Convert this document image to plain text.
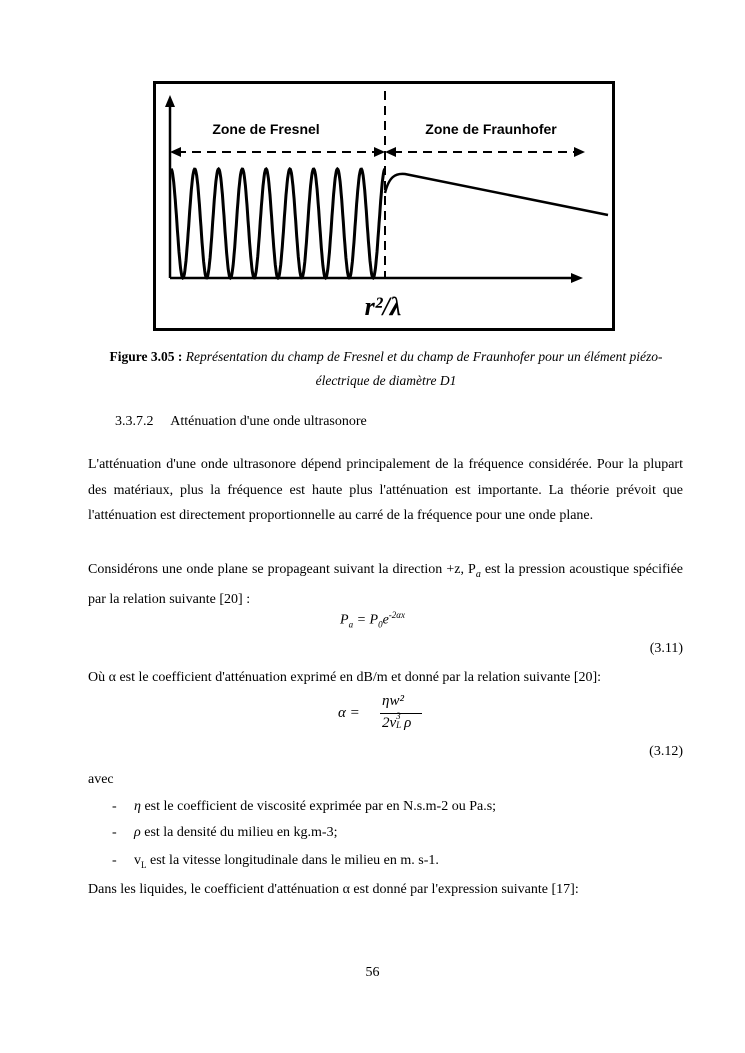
Zone de Fresnel	Zone de Fraunhofer
r²/λ
Figure 3.05 : Représentation du champ de Fresnel et du champ de Fraunhofer pour un élément piézo-électrique de diamètre D1
3.3.7.2 Atténuation d'une onde ultrasonore
L'atténuation d'une onde ultrasonore dépend principalement de la fréquence considérée. Pour la plupart des matériaux, plus la fréquence est haute plus l'atténuation est importante. La théorie prévoit que l'atténuation est directement proportionnelle au carré de la fréquence pour une onde plane.
Considérons une onde plane se propageant suivant la direction +z, $P_a$ est la pression acoustique spécifiée par la relation suivante [20] :
$P_a = P_0e^{-2\alpha x}$
(3.11)
Où α est le coefficient d'atténuation exprimé en dB/m et donné par la relation suivante [20]:
α =
ηw²
2v 3
L ρ
(3.12)
avec
- η est le coefficient de viscosité exprimée par en N.s.m-2 ou Pa.s;
- ρ est la densité du milieu en kg.m-3;
- $v_L$ est la vitesse longitudinale dans le milieu en m. s-1.
Dans les liquides, le coefficient d'atténuation α est donné par l'expression suivante [17]:
56
